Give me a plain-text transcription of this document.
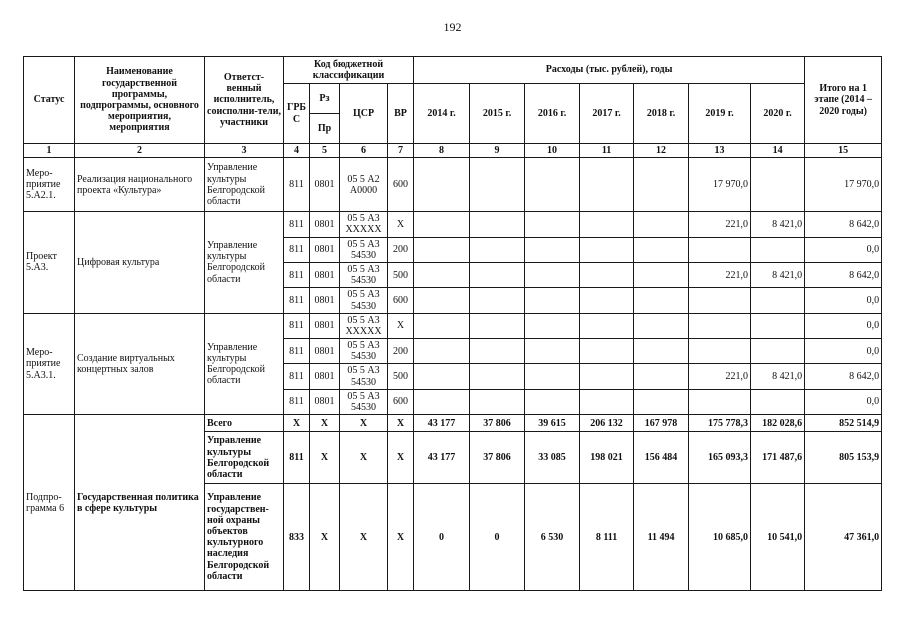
192
Статус	Наименование государственной программы, подпрограммы, основного мероприятия, мероприятия	Ответст-венный исполнитель, соисполни-тели, участники	Код бюджетной классификации				Расходы (тыс. рублей), годы							Итого на 1 этапе (2014 – 2020 годы)
			ГРБ С	Рз	ЦСР	ВР	2014 г.	2015 г.	2016 г.	2017 г.	2018 г.	2019 г.	2020 г.	
				Пр										
1	2	3	4	5	6	7	8	9	10	11	12	13	14	15
Меро-приятие 5.А2.1.	Реализация национального проекта «Культура»	Управление культуры Белгородской области	811	0801	05 5 А2 А0000	600						17 970,0		17 970,0
Проект 5.А3.	Цифровая культура	Управление культуры Белгородской области	811	0801	05 5 А3 ХХХХХ	Х						221,0	8 421,0	8 642,0
			811	0801	05 5 А3 54530	200								0,0
			811	0801	05 5 А3 54530	500						221,0	8 421,0	8 642,0
			811	0801	05 5 А3 54530	600								0,0
Меро-приятие 5.А3.1.	Создание виртуальных концертных залов	Управление культуры Белгородской области	811	0801	05 5 А3 ХХХХХ	Х								0,0
			811	0801	05 5 А3 54530	200								0,0
			811	0801	05 5 А3 54530	500						221,0	8 421,0	8 642,0
			811	0801	05 5 А3 54530	600								0,0
Подпро-грамма 6	Государственная политика в сфере культуры	Всего	Х	Х	Х	Х	43 177	37 806	39 615	206 132	167 978	175 778,3	182 028,6	852 514,9
		Управление культуры Белгородской области	811	Х	Х	Х	43 177	37 806	33 085	198 021	156 484	165 093,3	171 487,6	805 153,9
		Управление государствен-ной охраны объектов культурного наследия Белгородской области	833	Х	Х	Х	0	0	6 530	8 111	11 494	10 685,0	10 541,0	47 361,0
